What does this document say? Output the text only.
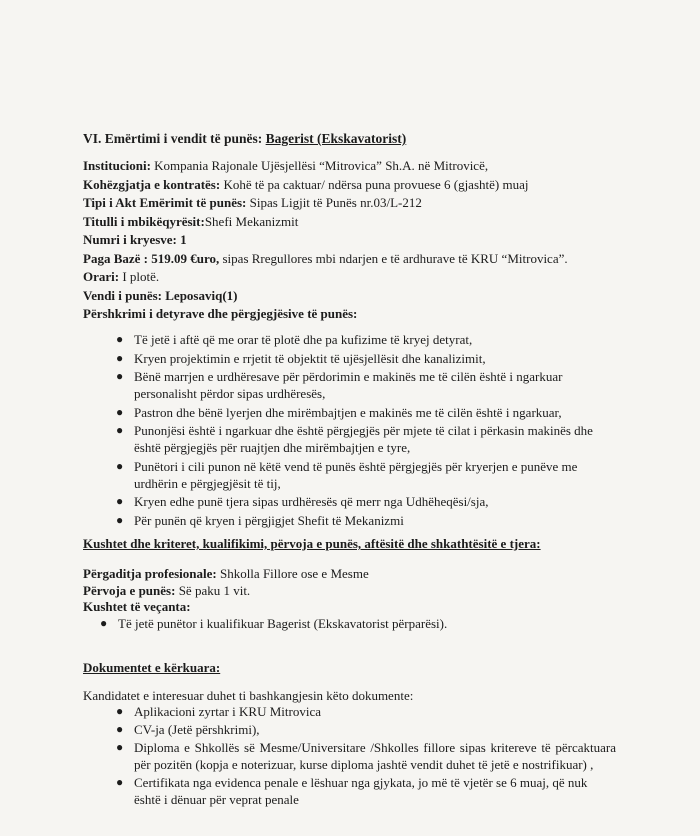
VI. Emërtimi i vendit të punës: Bagerist (Ekskavatorist)
Institucioni: Kompania Rajonale Ujësjellësi “Mitrovica” Sh.A. në Mitrovicë,
Kohëzgjatja e kontratës: Kohë të pa caktuar/ ndërsa puna provuese 6 (gjashtë) muaj
Tipi i Akt Emërimit të punës: Sipas Ligjit të Punës nr.03/L-212
Titulli i mbikëqyrësit:Shefi Mekanizmit
Numri i kryesve: 1
Paga Bazë : 519.09 €uro, sipas Rregullores mbi ndarjen e të ardhurave të KRU “Mitrovica”.
Orari: I plotë.
Vendi i punës: Leposaviq(1)
Përshkrimi i detyrave dhe përgjegjësive të punës:
● Të jetë i aftë që me orar të plotë dhe pa kufizime të kryej detyrat,
● Kryen projektimin e rrjetit të objektit të ujësjellësit dhe kanalizimit,
● Bënë marrjen e urdhëresave për përdorimin e makinës me të cilën është i ngarkuar personalisht përdor sipas urdhëresës,
● Pastron dhe bënë lyerjen dhe mirëmbajtjen e makinës me të cilën është i ngarkuar,
● Punonjësi është i ngarkuar dhe është përgjegjës për mjete të cilat i përkasin makinës dhe është përgjegjës për ruajtjen dhe mirëmbajtjen e tyre,
● Punëtori i cili punon në këtë vend të punës është përgjegjës për kryerjen e punëve me urdhërin e përgjegjësit të tij,
● Kryen edhe punë tjera sipas urdhëresës që merr nga Udhëheqësi/sja,
● Për punën që kryen i përgjigjet Shefit të Mekanizmi
Kushtet dhe kriteret, kualifikimi, përvoja e punës, aftësitë dhe shkathtësitë e tjera:
Përgaditja profesionale: Shkolla Fillore ose e Mesme
Përvoja e punës: Së paku 1 vit.
Kushtet të veçanta:
● Të jetë punëtor i kualifikuar Bagerist (Ekskavatorist përparësi).
Dokumentet e kërkuara:
Kandidatet e interesuar duhet ti bashkangjesin këto dokumente:
● Aplikacioni zyrtar i KRU Mitrovica
● CV-ja (Jetë përshkrimi),
● Diploma e Shkollës së Mesme/Universitare /Shkolles fillore sipas kritereve të përcaktuara për pozitën (kopja e noterizuar, kurse diploma jashtë vendit duhet të jetë e nostrifikuar) ,
● Certifikata nga evidenca penale e lëshuar nga gjykata, jo më të vjetër se 6 muaj, që nuk është i dënuar për veprat penale
